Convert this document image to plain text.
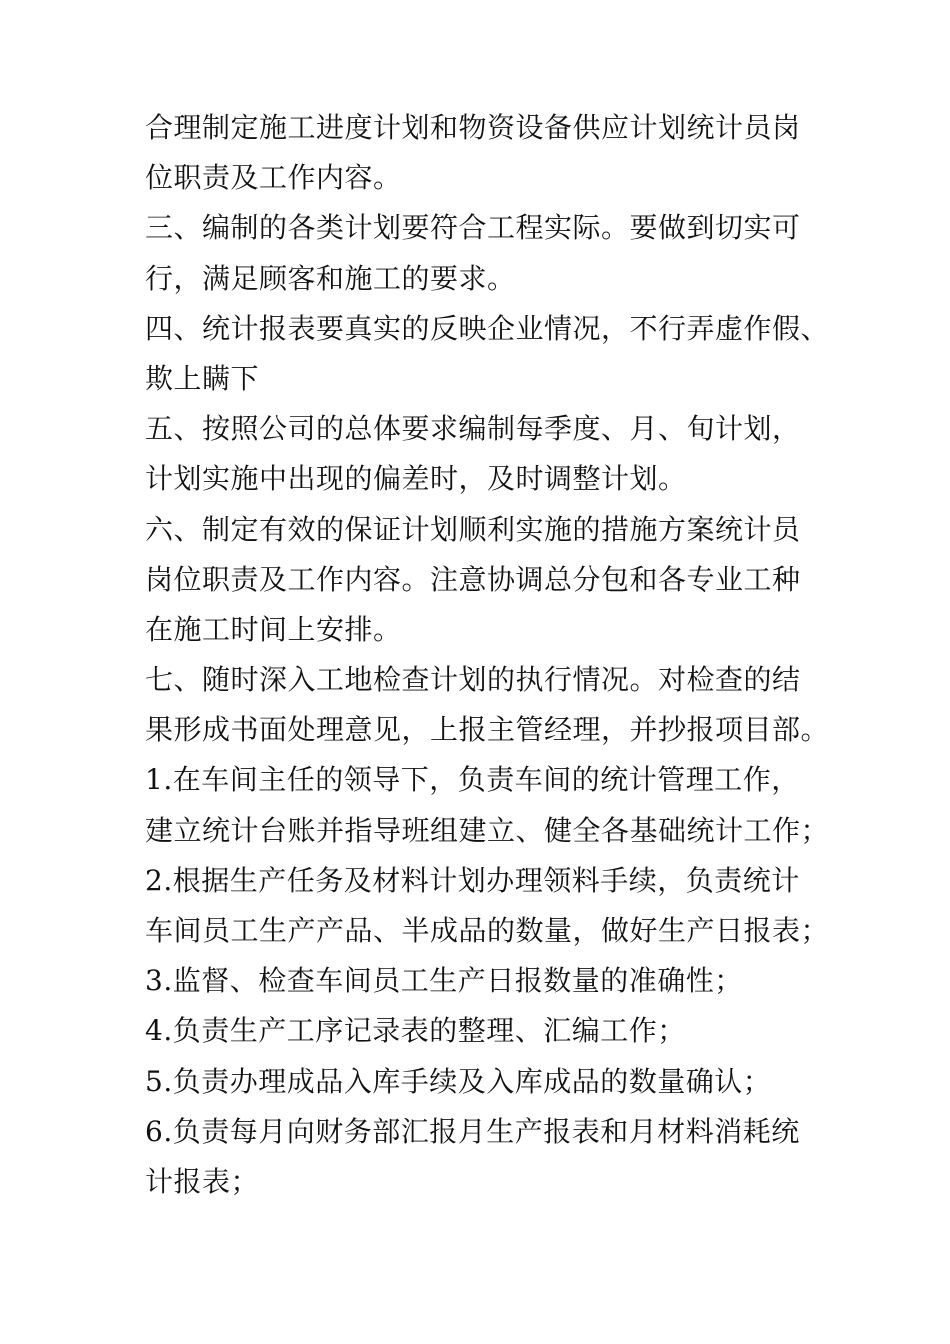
合理制定施工进度计划和物资设备供应计划统计员岗
位职责及工作内容。
三、编制的各类计划要符合工程实际。要做到切实可
行，满足顾客和施工的要求。
四、统计报表要真实的反映企业情况，不行弄虚作假、
欺上瞒下
五、按照公司的总体要求编制每季度、月、旬计划，
计划实施中出现的偏差时，及时调整计划。
六、制定有效的保证计划顺利实施的措施方案统计员
岗位职责及工作内容。注意协调总分包和各专业工种
在施工时间上安排。
七、随时深入工地检查计划的执行情况。对检查的结
果形成书面处理意见，上报主管经理，并抄报项目部。
1.在车间主任的领导下，负责车间的统计管理工作，
建立统计台账并指导班组建立、健全各基础统计工作；
2.根据生产任务及材料计划办理领料手续，负责统计
车间员工生产产品、半成品的数量，做好生产日报表；
3.监督、检查车间员工生产日报数量的准确性；
4.负责生产工序记录表的整理、汇编工作；
5.负责办理成品入库手续及入库成品的数量确认；
6.负责每月向财务部汇报月生产报表和月材料消耗统
计报表；
